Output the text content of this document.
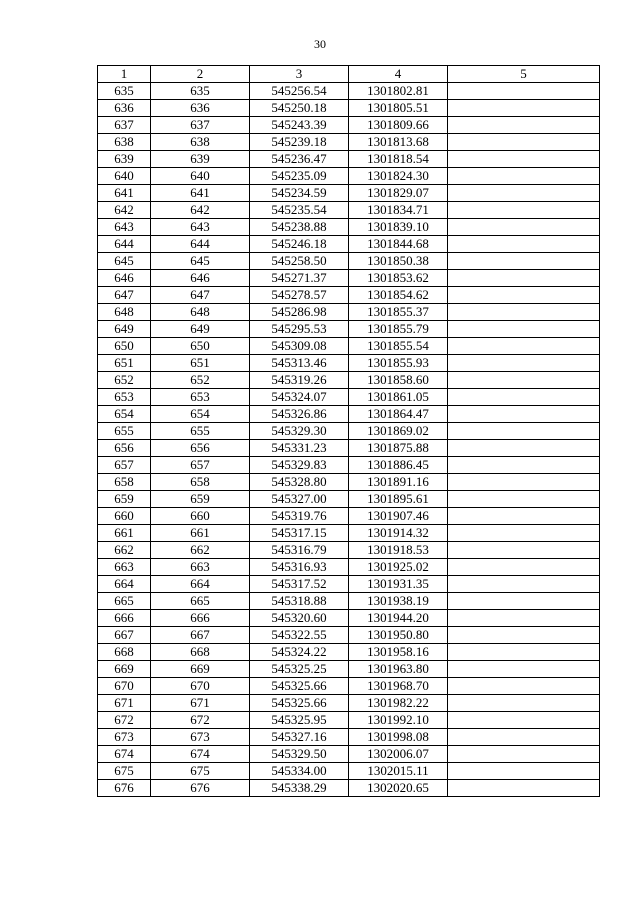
30
1	2	3	4	5
635	635	545256.54	1301802.81	
636	636	545250.18	1301805.51	
637	637	545243.39	1301809.66	
638	638	545239.18	1301813.68	
639	639	545236.47	1301818.54	
640	640	545235.09	1301824.30	
641	641	545234.59	1301829.07	
642	642	545235.54	1301834.71	
643	643	545238.88	1301839.10	
644	644	545246.18	1301844.68	
645	645	545258.50	1301850.38	
646	646	545271.37	1301853.62	
647	647	545278.57	1301854.62	
648	648	545286.98	1301855.37	
649	649	545295.53	1301855.79	
650	650	545309.08	1301855.54	
651	651	545313.46	1301855.93	
652	652	545319.26	1301858.60	
653	653	545324.07	1301861.05	
654	654	545326.86	1301864.47	
655	655	545329.30	1301869.02	
656	656	545331.23	1301875.88	
657	657	545329.83	1301886.45	
658	658	545328.80	1301891.16	
659	659	545327.00	1301895.61	
660	660	545319.76	1301907.46	
661	661	545317.15	1301914.32	
662	662	545316.79	1301918.53	
663	663	545316.93	1301925.02	
664	664	545317.52	1301931.35	
665	665	545318.88	1301938.19	
666	666	545320.60	1301944.20	
667	667	545322.55	1301950.80	
668	668	545324.22	1301958.16	
669	669	545325.25	1301963.80	
670	670	545325.66	1301968.70	
671	671	545325.66	1301982.22	
672	672	545325.95	1301992.10	
673	673	545327.16	1301998.08	
674	674	545329.50	1302006.07	
675	675	545334.00	1302015.11	
676	676	545338.29	1302020.65	
